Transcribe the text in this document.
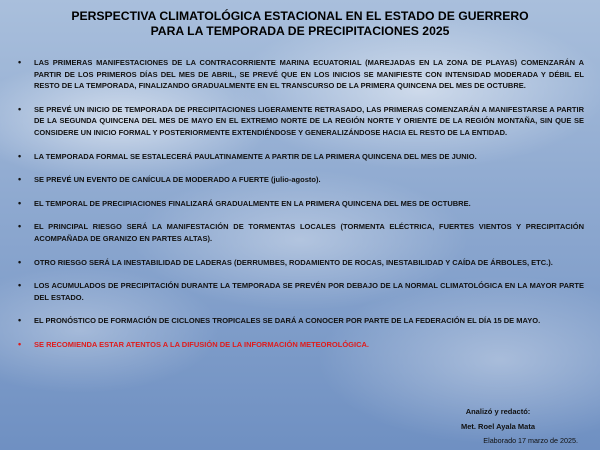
PERSPECTIVA CLIMATOLÓGICA ESTACIONAL EN EL ESTADO DE GUERRERO
PARA LA TEMPORADA DE PRECIPITACIONES 2025
• LAS PRIMERAS MANIFESTACIONES DE LA CONTRACORRIENTE MARINA ECUATORIAL (MAREJADAS EN LA ZONA DE PLAYAS) COMENZARÁN A PARTIR DE LOS PRIMEROS DÍAS DEL MES DE ABRIL, SE PREVÉ QUE EN LOS INICIOS SE MANIFIESTE CON INTENSIDAD MODERADA Y DÉBIL EL RESTO DE LA TEMPORADA, FINALIZANDO GRADUALMENTE EN EL TRANSCURSO DE LA PRIMERA QUINCENA DEL MES DE OCTUBRE.
• SE PREVÉ UN INICIO DE TEMPORADA DE PRECIPITACIONES LIGERAMENTE RETRASADO, LAS PRIMERAS COMENZARÁN A MANIFESTARSE A PARTIR DE LA SEGUNDA QUINCENA DEL MES DE MAYO EN EL EXTREMO NORTE DE LA REGIÓN NORTE Y ORIENTE DE LA REGIÓN MONTAÑA, SIN QUE SE CONSIDERE UN INICIO FORMAL Y POSTERIORMENTE EXTENDIÉNDOSE Y GENERALIZÁNDOSE HACIA EL RESTO DE LA ENTIDAD.
• LA TEMPORADA FORMAL SE ESTALECERÁ PAULATINAMENTE A PARTIR DE LA PRIMERA QUINCENA DEL MES DE JUNIO.
• SE PREVÉ UN EVENTO DE CANÍCULA DE MODERADO A FUERTE (julio-agosto).
• EL TEMPORAL DE PRECIPIACIONES FINALIZARÁ GRADUALMENTE EN LA PRIMERA QUINCENA DEL MES DE OCTUBRE.
• EL PRINCIPAL RIESGO SERÁ LA MANIFESTACIÓN DE TORMENTAS LOCALES (TORMENTA ELÉCTRICA, FUERTES VIENTOS Y PRECIPITACIÓN ACOMPAÑADA DE GRANIZO EN PARTES ALTAS).
• OTRO RIESGO SERÁ LA INESTABILIDAD DE LADERAS (DERRUMBES, RODAMIENTO DE ROCAS, INESTABILIDAD Y CAÍDA DE ÁRBOLES, ETC.).
• LOS ACUMULADOS DE PRECIPITACIÓN DURANTE LA TEMPORADA SE PREVÉN POR DEBAJO DE LA NORMAL CLIMATOLÓGICA EN LA MAYOR PARTE DEL ESTADO.
• EL PRONÓSTICO DE FORMACIÓN DE CICLONES TROPICALES SE DARÁ A CONOCER POR PARTE DE LA FEDERACIÓN EL DÍA 15 DE MAYO.
• SE RECOMIENDA ESTAR ATENTOS A LA DIFUSIÓN DE LA INFORMACIÓN METEOROLÓGICA.
Analizó y redactó:
Met. Roel Ayala Mata
Elaborado 17 marzo de 2025.
